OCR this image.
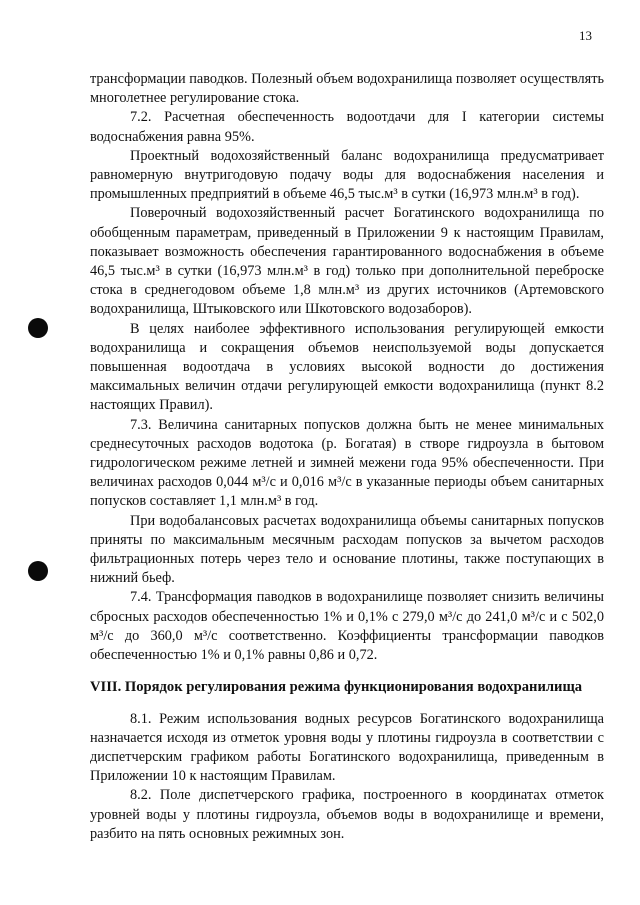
13

трансформации паводков. Полезный объем водохранилища позволяет осуществлять многолетнее регулирование стока.

7.2. Расчетная обеспеченность водоотдачи для I категории системы водоснабжения равна 95%.

Проектный водохозяйственный баланс водохранилища предусматривает равномерную внутригодовую подачу воды для водоснабжения населения и промышленных предприятий в объеме 46,5 тыс.м³ в сутки (16,973 млн.м³ в год).

Поверочный водохозяйственный расчет Богатинского водохранилища по обобщенным параметрам, приведенный в Приложении 9 к настоящим Правилам, показывает возможность обеспечения гарантированного водоснабжения в объеме 46,5 тыс.м³ в сутки (16,973 млн.м³ в год) только при дополнительной переброске стока в среднегодовом объеме 1,8 млн.м³ из других источников (Артемовского водохранилища, Штыковского или Шкотовского водозаборов).

В целях наиболее эффективного использования регулирующей емкости водохранилища и сокращения объемов неиспользуемой воды допускается повышенная водоотдача в условиях высокой водности до достижения максимальных величин отдачи регулирующей емкости водохранилища (пункт 8.2 настоящих Правил).

7.3. Величина санитарных попусков должна быть не менее минимальных среднесуточных расходов водотока (р. Богатая) в створе гидроузла в бытовом гидрологическом режиме летней и зимней межени года 95% обеспеченности. При величинах расходов 0,044 м³/с и 0,016 м³/с в указанные периоды объем санитарных попусков составляет 1,1 млн.м³ в год.

При водобалансовых расчетах водохранилища объемы санитарных попусков приняты по максимальным месячным расходам попусков за вычетом расходов фильтрационных потерь через тело и основание плотины, также поступающих в нижний бьеф.

7.4. Трансформация паводков в водохранилище позволяет снизить величины сбросных расходов обеспеченностью 1% и 0,1% с 279,0 м³/с до 241,0 м³/с и с 502,0 м³/с до 360,0 м³/с соответственно. Коэффициенты трансформации паводков обеспеченностью 1% и 0,1% равны 0,86 и 0,72.

VIII. Порядок регулирования режима функционирования водохранилища

8.1. Режим использования водных ресурсов Богатинского водохранилища назначается исходя из отметок уровня воды у плотины гидроузла в соответствии с диспетчерским графиком работы Богатинского водохранилища, приведенным в Приложении 10 к настоящим Правилам.

8.2. Поле диспетчерского графика, построенного в координатах отметок уровней воды у плотины гидроузла, объемов воды в водохранилище и времени, разбито на пять основных режимных зон.
